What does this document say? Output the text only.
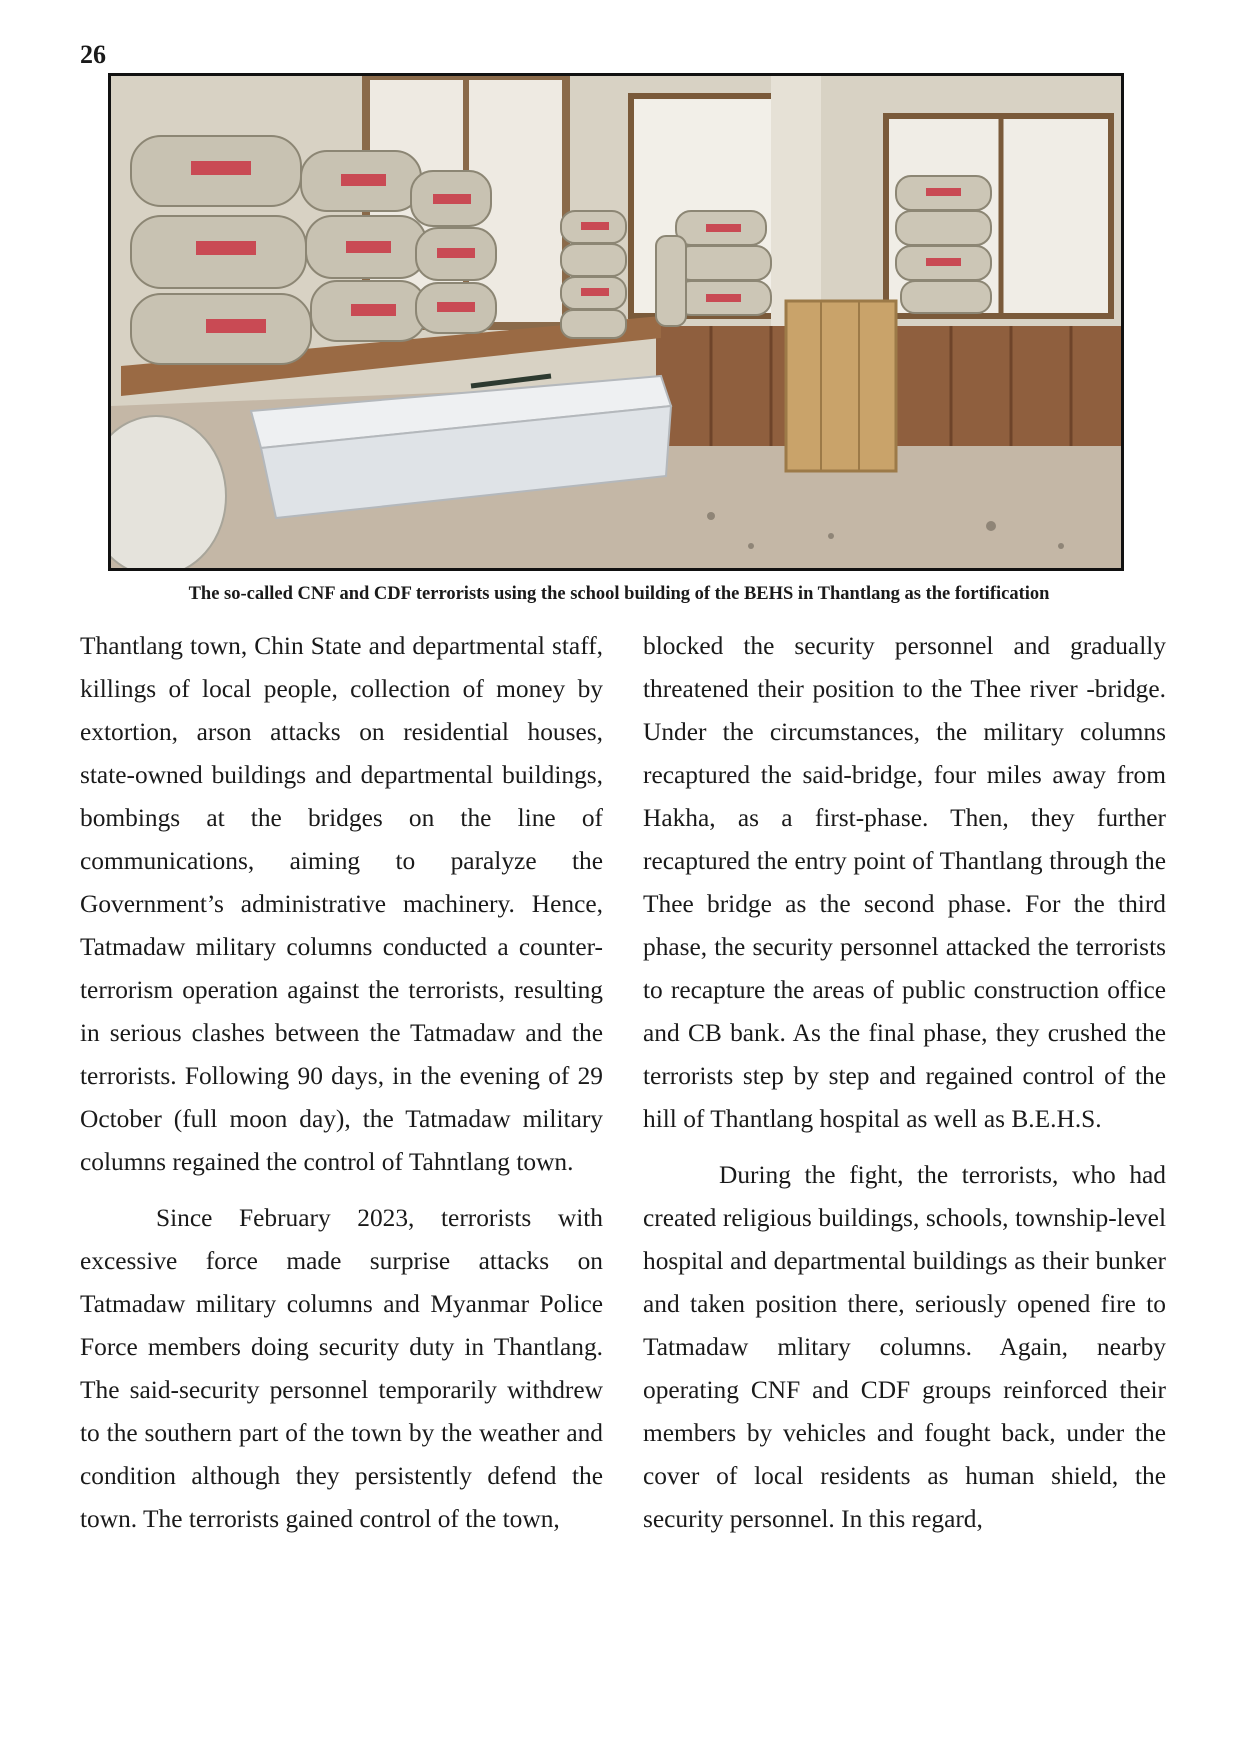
26
The so-called CNF and CDF terrorists using the school building of the BEHS in Thantlang as the fortification

Thantlang town, Chin State and departmental staff, killings of local people, collection of money by extortion, arson attacks on residential houses, state-owned buildings and departmental buildings, bombings at the bridges on the line of communications, aiming to paralyze the Government’s administrative machinery. Hence, Tatmadaw military columns conducted a counter-terrorism operation against the terrorists, resulting in serious clashes between the Tatmadaw and the terrorists. Following 90 days, in the evening of 29 October (full moon day), the Tatmadaw military columns regained the control of Tahntlang town.

Since February 2023, terrorists with excessive force made surprise attacks on Tatmadaw military columns and Myanmar Police Force members doing security duty in Thantlang. The said-security personnel temporarily withdrew to the southern part of the town by the weather and condition although they persistently defend the town. The terrorists gained control of the town,

blocked the security personnel and gradually threatened their position to the Thee river -bridge. Under the circumstances, the military columns recaptured the said-bridge, four miles away from Hakha, as a first-phase. Then, they further recaptured the entry point of Thantlang through the Thee bridge as the second phase. For the third phase, the security personnel attacked the terrorists to recapture the areas of public construction office and CB bank. As the final phase, they crushed the terrorists step by step and regained control of the hill of Thantlang hospital as well as B.E.H.S.

During the fight, the terrorists, who had created religious buildings, schools, township-level hospital and departmental buildings as their bunker and taken position there, seriously opened fire to Tatmadaw mlitary columns. Again, nearby operating CNF and CDF groups reinforced their members by vehicles and fought back, under the cover of local residents as human shield, the security personnel. In this regard,
